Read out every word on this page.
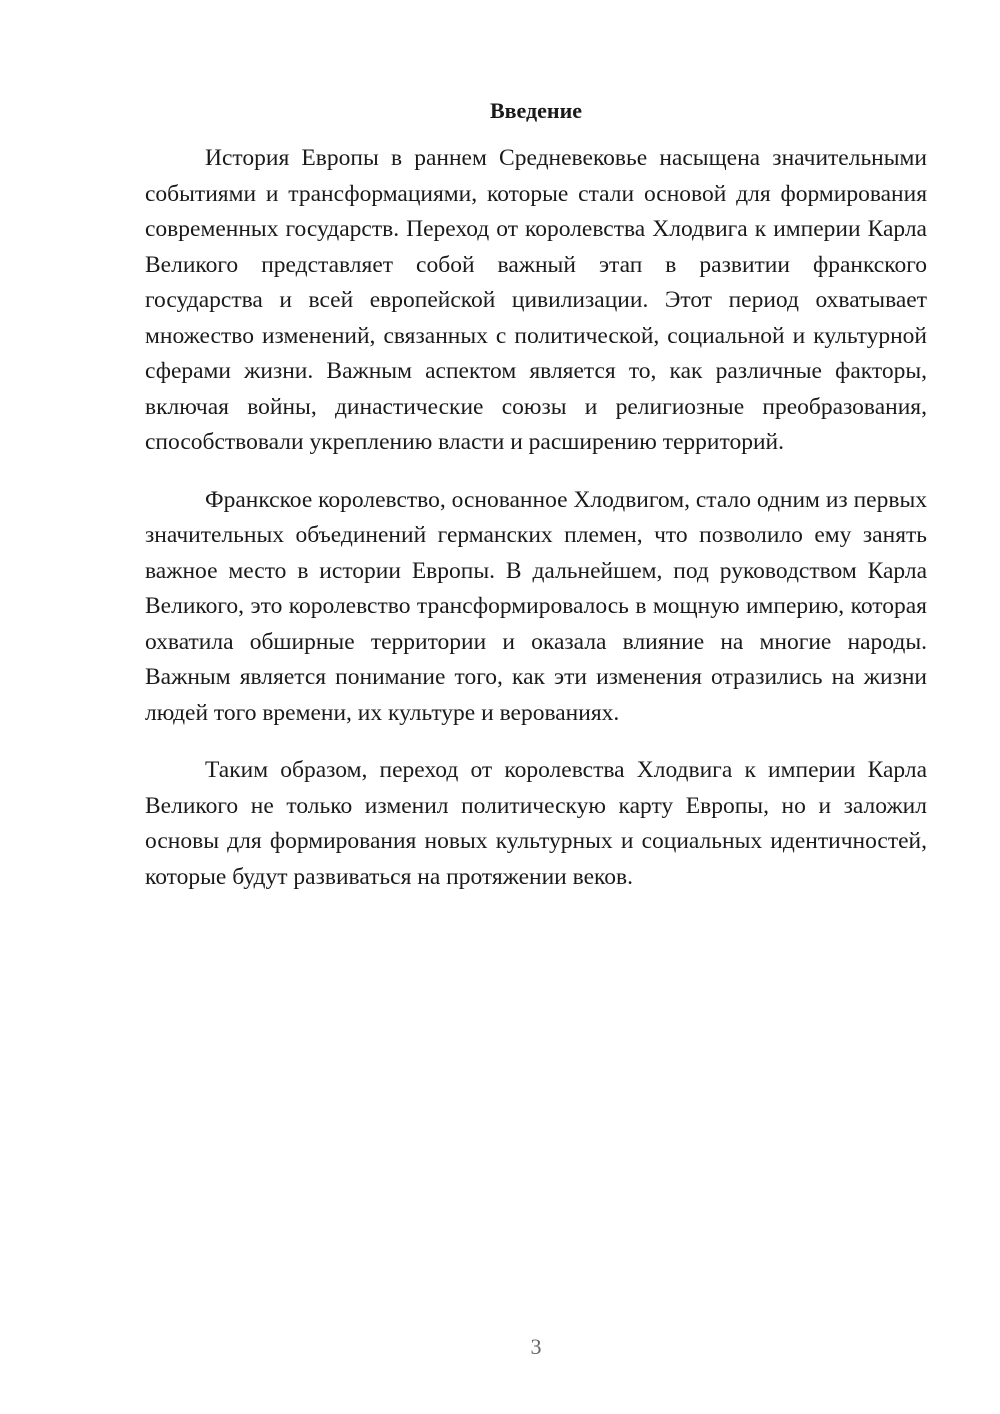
Введение

История Европы в раннем Средневековье насыщена значительными событиями и трансформациями, которые стали основой для формирования современных государств. Переход от королевства Хлодвига к империи Карла Великого представляет собой важный этап в развитии франкского государства и всей европейской цивилизации. Этот период охватывает множество изменений, связанных с политической, социальной и культурной сферами жизни. Важным аспектом является то, как различные факторы, включая войны, династические союзы и религиозные преобразования, способствовали укреплению власти и расширению территорий.

Франкское королевство, основанное Хлодвигом, стало одним из первых значительных объединений германских племен, что позволило ему занять важное место в истории Европы. В дальнейшем, под руководством Карла Великого, это королевство трансформировалось в мощную империю, которая охватила обширные территории и оказала влияние на многие народы. Важным является понимание того, как эти изменения отразились на жизни людей того времени, их культуре и верованиях.

Таким образом, переход от королевства Хлодвига к империи Карла Великого не только изменил политическую карту Европы, но и заложил основы для формирования новых культурных и социальных идентичностей, которые будут развиваться на протяжении веков.

3
